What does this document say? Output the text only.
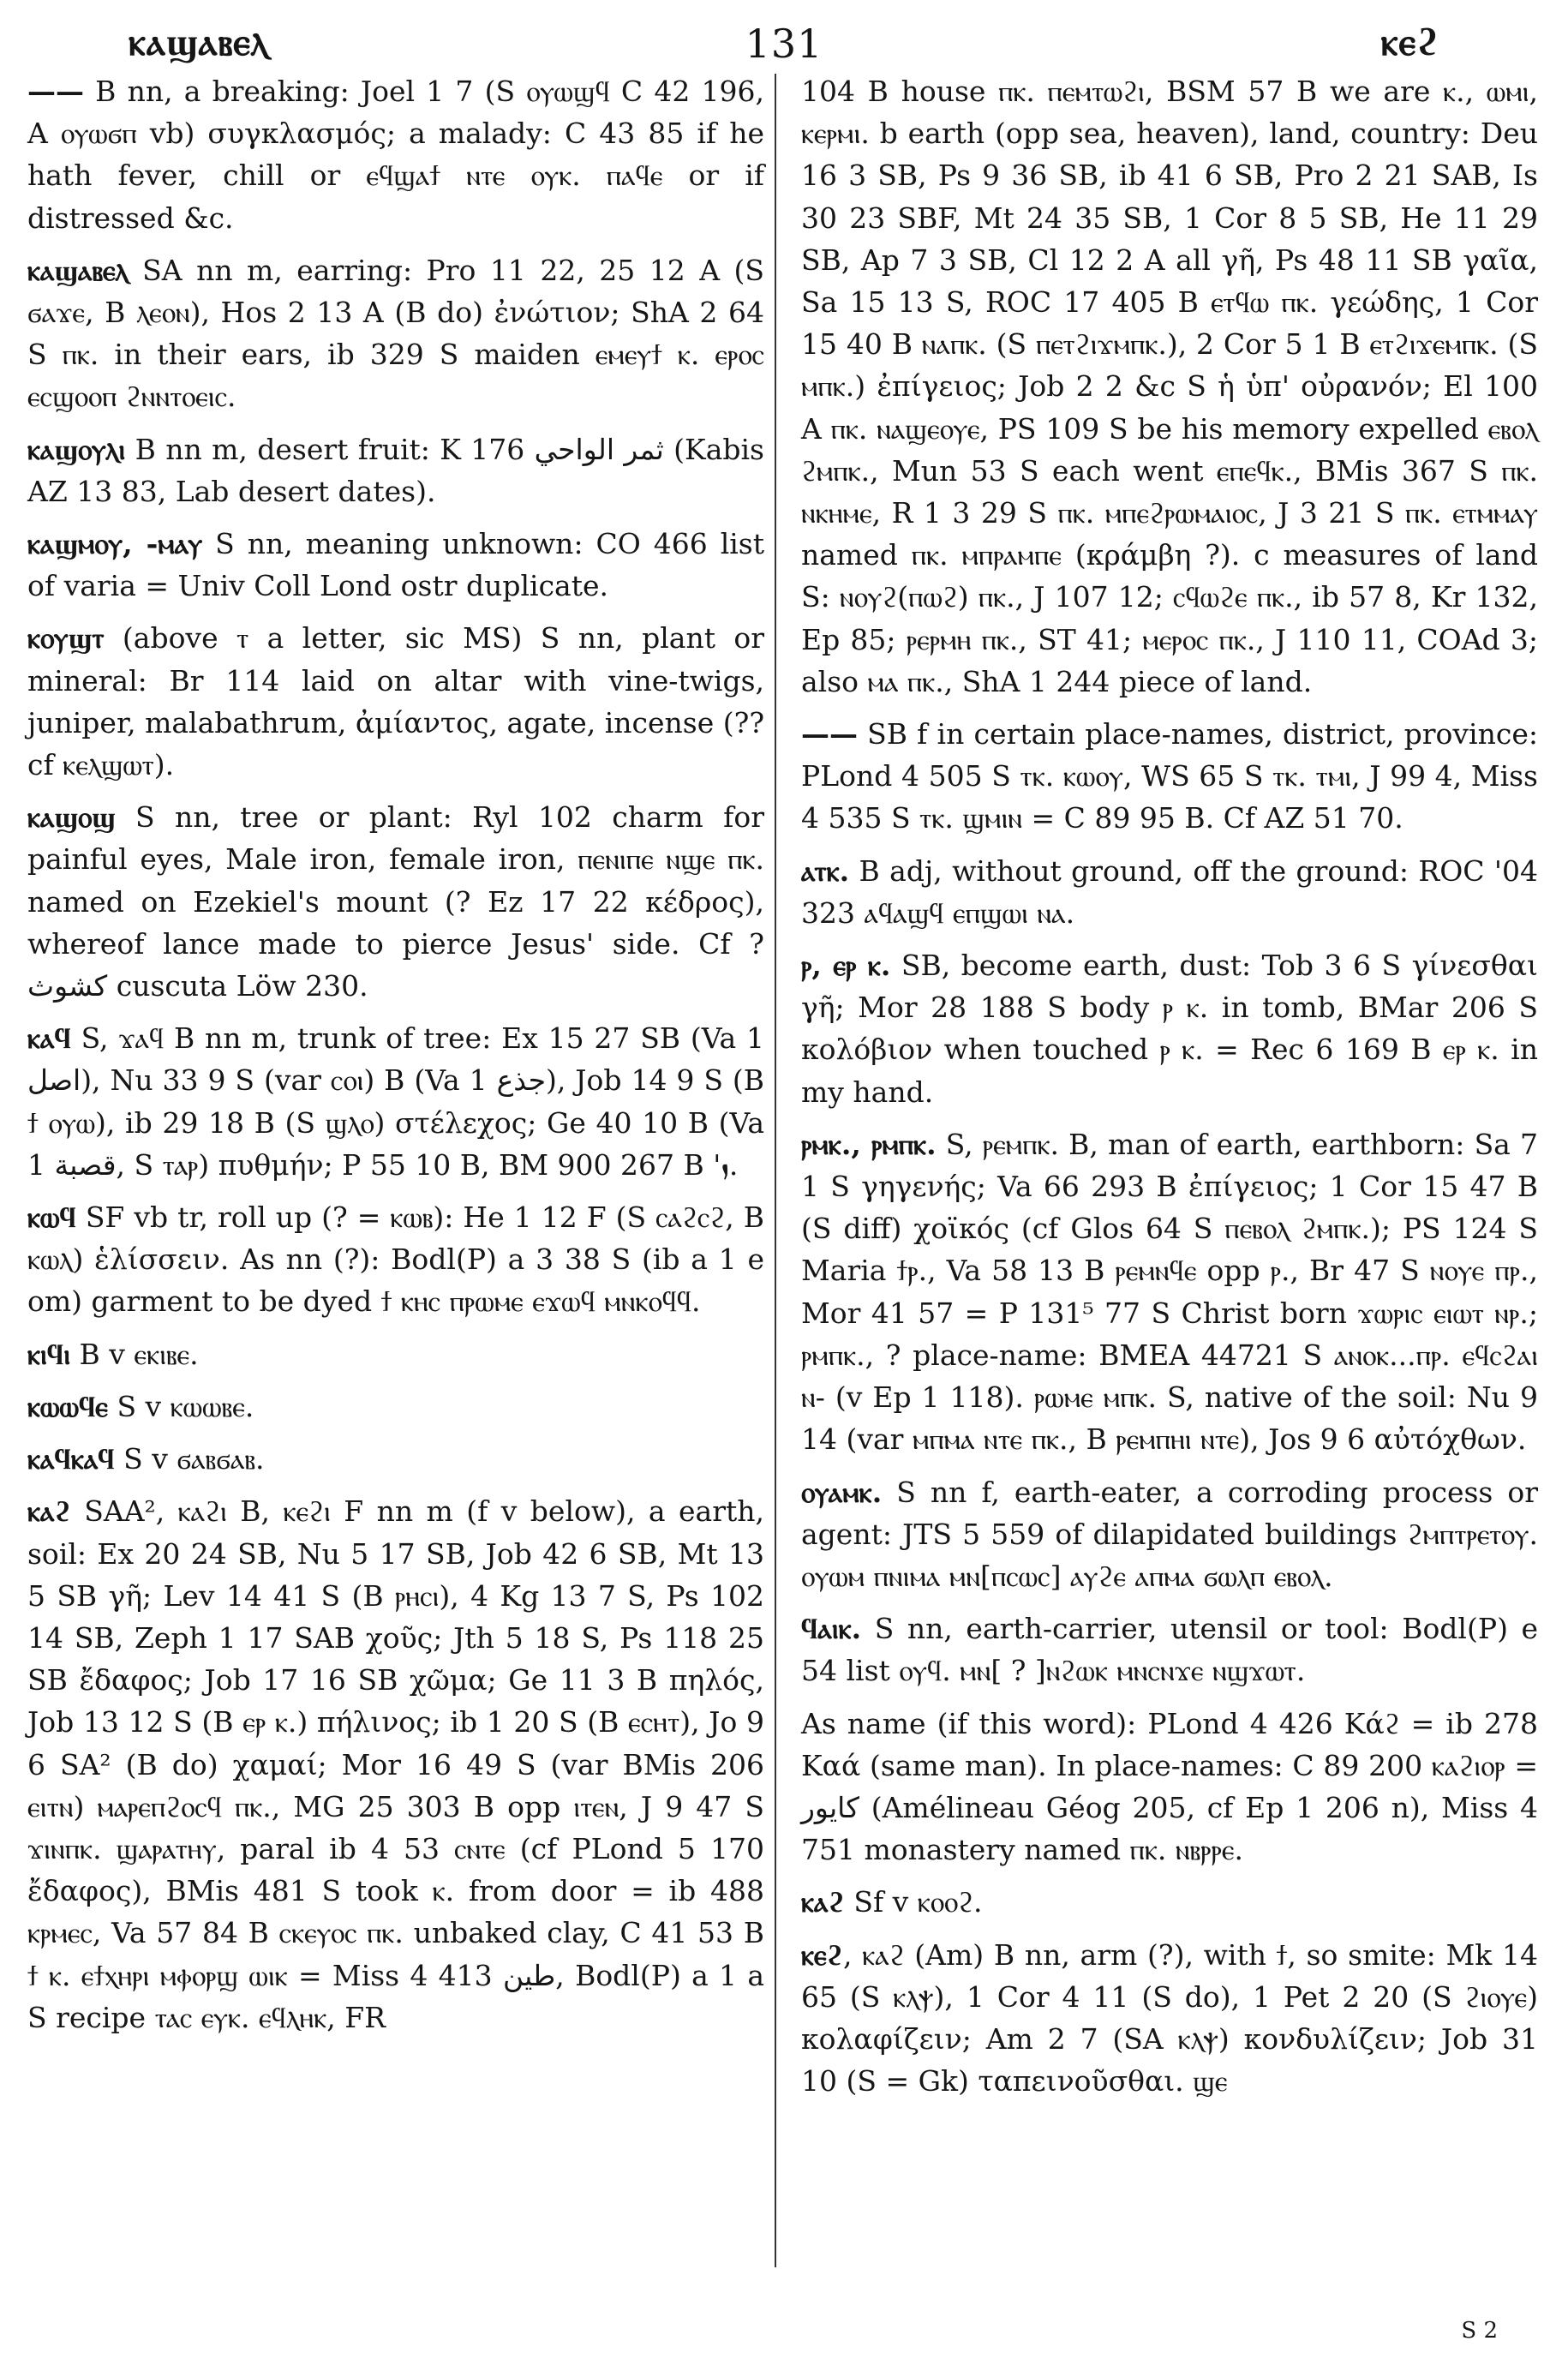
ⲕⲁϣⲁⲃⲉⲗ	131	ⲕⲉϩ

—— B nn, a breaking: Joel 1 7 (S ⲟⲩⲱϣϥ C 42 196, A ⲟⲩⲱϭⲡ vb) συγκλασμός; a malady: C 43 85 if he hath fever, chill or ⲉϥϣⲁϯ ⲛⲧⲉ ⲟⲩⲕ. ⲡⲁϥⲉ or if distressed &c.

ⲕⲁϣⲁⲃⲉⲗ SA nn m, earring: Pro 11 22, 25 12 A (S ϭⲁϫⲉ, B ⲗⲉⲟⲛ), Hos 2 13 A (B do) ἐνώτιον; ShA 2 64 S ⲡⲕ. in their ears, ib 329 S maiden ⲉⲙⲉⲩϯ ⲕ. ⲉⲣⲟⲥ ⲉⲥϣⲟⲟⲡ ϩⲛⲛⲧⲟⲉⲓⲥ.

ⲕⲁϣⲟⲩⲗⲓ B nn m, desert fruit: K 176 ثمر الواحي (Kabis AZ 13 83, Lab desert dates).

ⲕⲁϣⲙⲟⲩ, -ⲙⲁⲩ S nn, meaning unknown: CO 466 list of varia = Univ Coll Lond ostr duplicate.

ⲕⲟⲩϣⲧ (above ⲧ a letter, sic MS) S nn, plant or mineral: Br 114 laid on altar with vine-twigs, juniper, malabathrum, ἀμίαντος, agate, incense (?? cf ⲕⲉⲗϣⲱⲧ).

ⲕⲁϣⲟϣ S nn, tree or plant: Ryl 102 charm for painful eyes, Male iron, female iron, ⲡⲉⲛⲓⲡⲉ ⲛϣⲉ ⲡⲕ. named on Ezekiel's mount (? Ez 17 22 κέδρος), whereof lance made to pierce Jesus' side. Cf ? كشوث cuscuta Löw 230.

ⲕⲁϥ S, ϫⲁϥ B nn m, trunk of tree: Ex 15 27 SB (Va 1 اصل), Nu 33 9 S (var ⲥⲟⲓ) B (Va 1 جذع), Job 14 9 S (B ϯ ⲟⲩⲱ), ib 29 18 B (S ϣⲗⲟ) στέλεχος; Ge 40 10 B (Va 1 قصبة, S ⲧⲁⲣ) πυθμήν; P 55 10 B, BM 900 267 B 'ܙ.

ⲕⲱϥ SF vb tr, roll up (? = ⲕⲱⲃ): He 1 12 F (S ⲥⲁϩⲥϩ, B ⲕⲱⲗ) ἑλίσσειν. As nn (?): Bodl(P) a 3 38 S (ib a 1 e om) garment to be dyed ϯ ⲕⲏⲥ ⲡⲣⲱⲙⲉ ⲉϫⲱϥ ⲙⲛⲕⲟϥϥ.

ⲕⲓϥⲓ B v ⲉⲕⲓⲃⲉ.

ⲕⲱⲱϥⲉ S v ⲕⲱⲱⲃⲉ.

ⲕⲁϥⲕⲁϥ S v ϭⲁⲃϭⲁⲃ.

ⲕⲁϩ SAA², ⲕⲁϩⲓ B, ⲕⲉϩⲓ F nn m (f v below), a earth, soil: Ex 20 24 SB, Nu 5 17 SB, Job 42 6 SB, Mt 13 5 SB γῆ; Lev 14 41 S (B ⲣⲏⲥⲓ), 4 Kg 13 7 S, Ps 102 14 SB, Zeph 1 17 SAB χοῦς; Jth 5 18 S, Ps 118 25 SB ἔδαφος; Job 17 16 SB χῶμα; Ge 11 3 B πηλός, Job 13 12 S (B ⲉⲣ ⲕ.) πήλινος; ib 1 20 S (B ⲉⲥⲏⲧ), Jo 9 6 SA² (B do) χαμαί; Mor 16 49 S (var BMis 206 ⲉⲓⲧⲛ) ⲙⲁⲣⲉⲡϩⲟⲥϥ ⲡⲕ., MG 25 303 B opp ⲓⲧⲉⲛ, J 9 47 S ϫⲓⲛⲡⲕ. ϣⲁⲣⲁⲧⲏⲩ, paral ib 4 53 ⲥⲛⲧⲉ (cf PLond 5 170 ἔδαφος), BMis 481 S took ⲕ. from door = ib 488 ⲕⲣⲙⲉⲥ, Va 57 84 B ⲥⲕⲉⲩⲟⲥ ⲡⲕ. unbaked clay, C 41 53 B ϯ ⲕ. ⲉϯⲭⲏⲣⲓ ⲙⲫⲟⲣϣ ⲱⲓⲕ = Miss 4 413 طين, Bodl(P) a 1 a S recipe ⲧⲁⲥ ⲉⲩⲕ. ⲉϥⲗⲏⲕ, FR

104 B house ⲡⲕ. ⲡⲉⲙⲧⲱϩⲓ, BSM 57 B we are ⲕ., ⲱⲙⲓ, ⲕⲉⲣⲙⲓ. b earth (opp sea, heaven), land, country: Deu 16 3 SB, Ps 9 36 SB, ib 41 6 SB, Pro 2 21 SAB, Is 30 23 SBF, Mt 24 35 SB, 1 Cor 8 5 SB, He 11 29 SB, Ap 7 3 SB, Cl 12 2 A all γῆ, Ps 48 11 SB γαῖα, Sa 15 13 S, ROC 17 405 B ⲉⲧϥⲱ ⲡⲕ. γεώδης, 1 Cor 15 40 B ⲛⲁⲡⲕ. (S ⲡⲉⲧϩⲓϫⲙⲡⲕ.), 2 Cor 5 1 B ⲉⲧϩⲓϫⲉⲙⲡⲕ. (S ⲙⲡⲕ.) ἐπίγειος; Job 2 2 &c S ἡ ὑπ' οὐρανόν; El 100 A ⲡⲕ. ⲛⲁϣⲉⲟⲩⲉ, PS 109 S be his memory expelled ⲉⲃⲟⲗ ϩⲙⲡⲕ., Mun 53 S each went ⲉⲡⲉϥⲕ., BMis 367 S ⲡⲕ. ⲛⲕⲏⲙⲉ, R 1 3 29 S ⲡⲕ. ⲙⲡⲉϩⲣⲱⲙⲁⲓⲟⲥ, J 3 21 S ⲡⲕ. ⲉⲧⲙⲙⲁⲩ named ⲡⲕ. ⲙⲡⲣⲁⲙⲡⲉ (κράμβη ?). c measures of land S: ⲛⲟⲩϩ(ⲡⲱϩ) ⲡⲕ., J 107 12; ⲥϥⲱϩⲉ ⲡⲕ., ib 57 8, Kr 132, Ep 85; ⲣⲉⲣⲙⲏ ⲡⲕ., ST 41; ⲙⲉⲣⲟⲥ ⲡⲕ., J 110 11, COAd 3; also ⲙⲁ ⲡⲕ., ShA 1 244 piece of land.

—— SB f in certain place-names, district, province: PLond 4 505 S ⲧⲕ. ⲕⲱⲟⲩ, WS 65 S ⲧⲕ. ⲧⲙⲓ, J 99 4, Miss 4 535 S ⲧⲕ. ϣⲙⲓⲛ = C 89 95 B. Cf AZ 51 70.

ⲁⲧⲕ. B adj, without ground, off the ground: ROC '04 323 ⲁϥⲁϣϥ ⲉⲡϣⲱⲓ ⲛⲁ.

ⲣ, ⲉⲣ ⲕ. SB, become earth, dust: Tob 3 6 S γίνεσθαι γῆ; Mor 28 188 S body ⲣ ⲕ. in tomb, BMar 206 S κολόβιον when touched ⲣ ⲕ. = Rec 6 169 B ⲉⲣ ⲕ. in my hand.

ⲣⲙⲕ., ⲣⲙⲡⲕ. S, ⲣⲉⲙⲡⲕ. B, man of earth, earthborn: Sa 7 1 S γηγενής; Va 66 293 B ἐπίγειος; 1 Cor 15 47 B (S diff) χοϊκός (cf Glos 64 S ⲡⲉⲃⲟⲗ ϩⲙⲡⲕ.); PS 124 S Maria ϯⲣ., Va 58 13 B ⲣⲉⲙⲛϥⲉ opp ⲣ., Br 47 S ⲛⲟⲩⲉ ⲡⲣ., Mor 41 57 = P 131⁵ 77 S Christ born ϫⲱⲣⲓⲥ ⲉⲓⲱⲧ ⲛⲣ.; ⲣⲙⲡⲕ., ? place-name: BMEA 44721 S ⲁⲛⲟⲕ...ⲡⲣ. ⲉϥⲥϩⲁⲓ ⲛ- (v Ep 1 118). ⲣⲱⲙⲉ ⲙⲡⲕ. S, native of the soil: Nu 9 14 (var ⲙⲡⲙⲁ ⲛⲧⲉ ⲡⲕ., B ⲣⲉⲙⲡⲏⲓ ⲛⲧⲉ), Jos 9 6 αὐτόχθων.

ⲟⲩⲁⲙⲕ. S nn f, earth-eater, a corroding process or agent: JTS 5 559 of dilapidated buildings ϩⲙⲡⲧⲣⲉⲧⲟⲩ. ⲟⲩⲱⲙ ⲡⲛⲓⲙⲁ ⲙⲛ[ⲡⲥⲱⲥ] ⲁⲩϩⲉ ⲁⲡⲙⲁ ϭⲱⲗⲡ ⲉⲃⲟⲗ.

ϥⲁⲓⲕ. S nn, earth-carrier, utensil or tool: Bodl(P) e 54 list ⲟⲩϥ. ⲙⲛ[ ? ]ⲛϩⲱⲕ ⲙⲛⲥⲛϫⲉ ⲛϣϫⲱⲧ.

As name (if this word): PLond 4 426 Κάϩ = ib 278 Καά (same man). In place-names: C 89 200 ⲕⲁϩⲓⲟⲣ = كايور (Amélineau Géog 205, cf Ep 1 206 n), Miss 4 751 monastery named ⲡⲕ. ⲛⲃⲣⲣⲉ.

ⲕⲁϩ Sf v ⲕⲟⲟϩ.

ⲕⲉϩ, ⲕⲁϩ (Am) B nn, arm (?), with ϯ, so smite: Mk 14 65 (S ⲕⲗⲯ), 1 Cor 4 11 (S do), 1 Pet 2 20 (S ϩⲓⲟⲩⲉ) κολαφίζειν; Am 2 7 (SA ⲕⲗⲯ) κονδυλίζειν; Job 31 10 (S = Gk) ταπεινοῦσθαι. ϣⲉ

S 2
